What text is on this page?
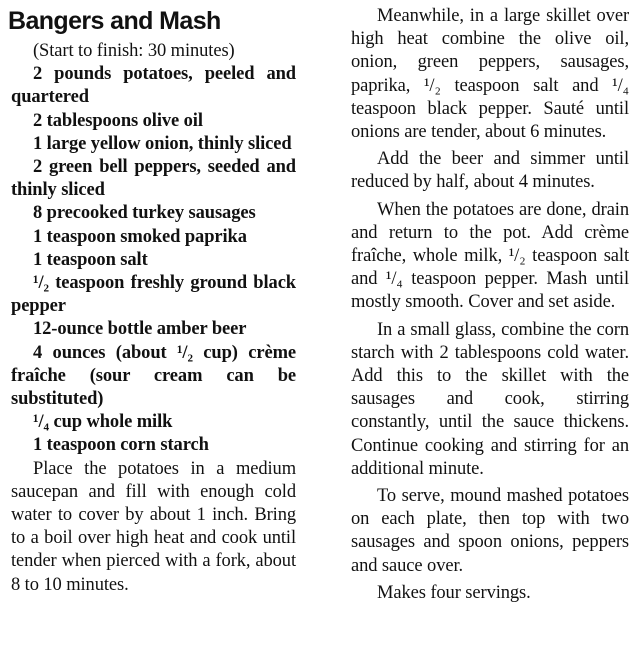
Bangers and Mash

(Start to finish: 30 minutes)

2 pounds potatoes, peeled and quartered

2 tablespoons olive oil

1 large yellow onion, thinly sliced

2 green bell peppers, seeded and thinly sliced

8 precooked turkey sausages

1 teaspoon smoked paprika

1 teaspoon salt

¹/₂ teaspoon freshly ground black pepper

12-ounce bottle amber beer

4 ounces (about ¹/₂ cup) crème fraîche (sour cream can be substituted)

¹/₄ cup whole milk

1 teaspoon corn starch

Place the potatoes in a medium saucepan and fill with enough cold water to cover by about 1 inch. Bring to a boil over high heat and cook until tender when pierced with a fork, about 8 to 10 minutes.

Meanwhile, in a large skillet over high heat combine the olive oil, onion, green peppers, sausages, paprika, ¹/₂ teaspoon salt and ¹/₄ teaspoon black pepper. Sauté until onions are tender, about 6 minutes.

Add the beer and simmer until reduced by half, about 4 minutes.

When the potatoes are done, drain and return to the pot. Add crème fraîche, whole milk, ¹/₂ teaspoon salt and ¹/₄ teaspoon pepper. Mash until mostly smooth. Cover and set aside.

In a small glass, combine the corn starch with 2 tablespoons cold water. Add this to the skillet with the sausages and cook, stirring constantly, until the sauce thickens. Continue cooking and stirring for an additional minute.

To serve, mound mashed potatoes on each plate, then top with two sausages and spoon onions, peppers and sauce over.

Makes four servings.
